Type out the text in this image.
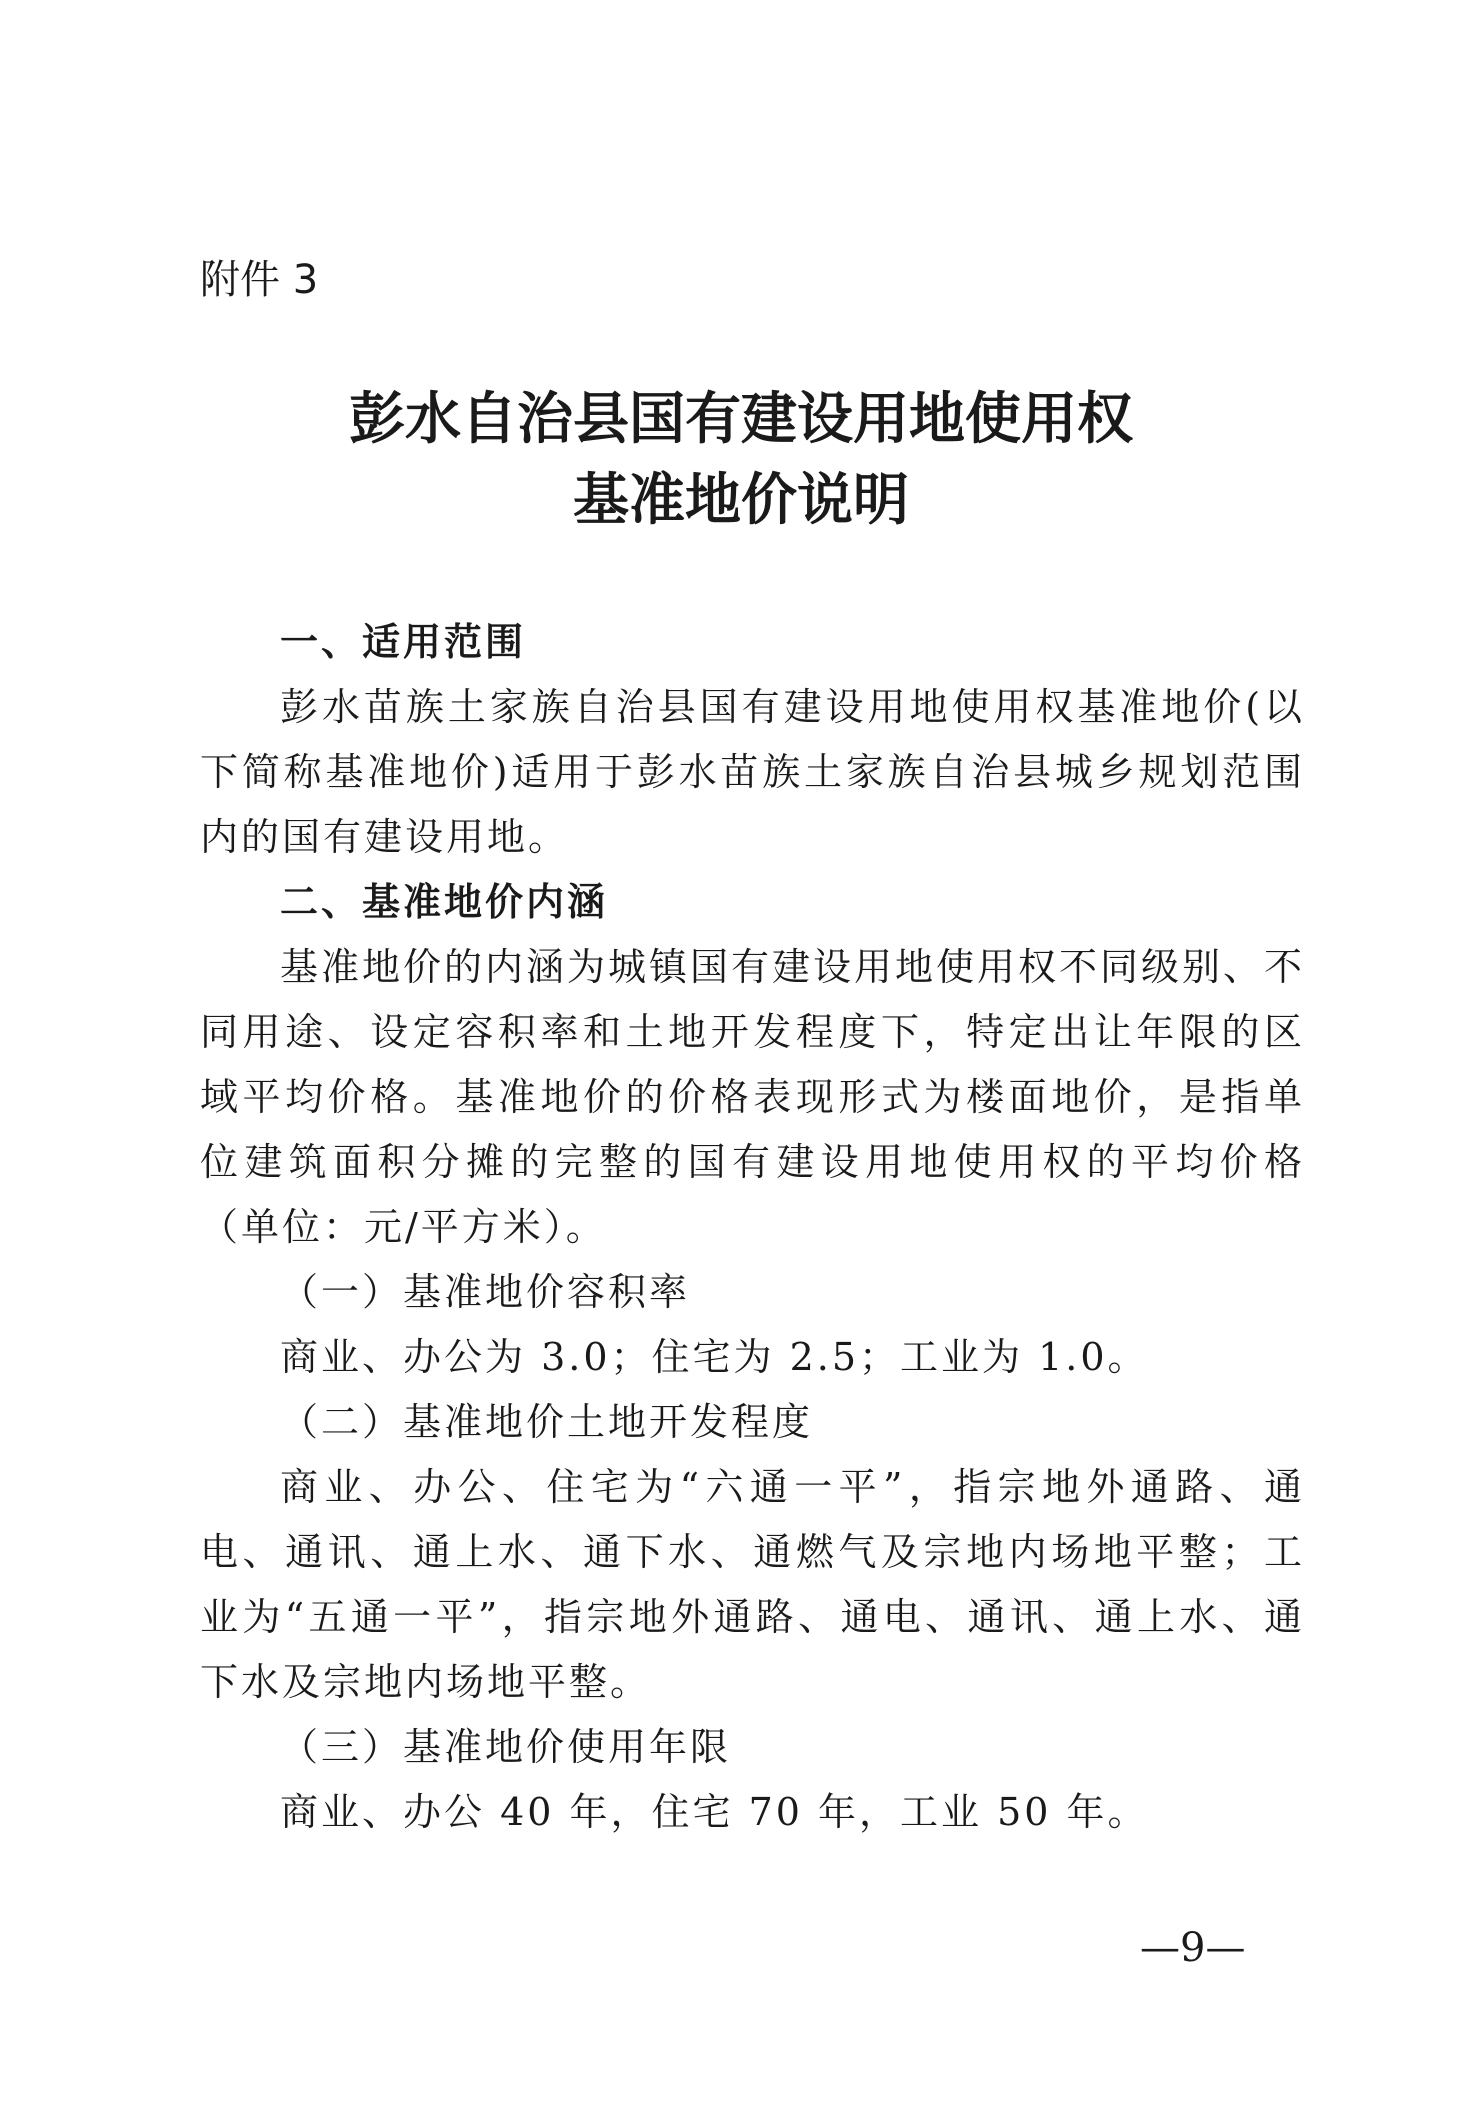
附件 3
彭水自治县国有建设用地使用权
基准地价说明

一、适用范围

彭水苗族土家族自治县国有建设用地使用权基准地价(以下简称基准地价)适用于彭水苗族土家族自治县城乡规划范围内的国有建设用地。

二、基准地价内涵

基准地价的内涵为城镇国有建设用地使用权不同级别、不同用途、设定容积率和土地开发程度下，特定出让年限的区域平均价格。基准地价的价格表现形式为楼面地价，是指单位建筑面积分摊的完整的国有建设用地使用权的平均价格（单位：元/平方米）。

（一）基准地价容积率

商业、办公为 3.0；住宅为 2.5；工业为 1.0。

（二）基准地价土地开发程度

商业、办公、住宅为“六通一平”，指宗地外通路、通电、通讯、通上水、通下水、通燃气及宗地内场地平整；工业为“五通一平”，指宗地外通路、通电、通讯、通上水、通下水及宗地内场地平整。

（三）基准地价使用年限

商业、办公 40 年，住宅 70 年，工业 50 年。

—9—
